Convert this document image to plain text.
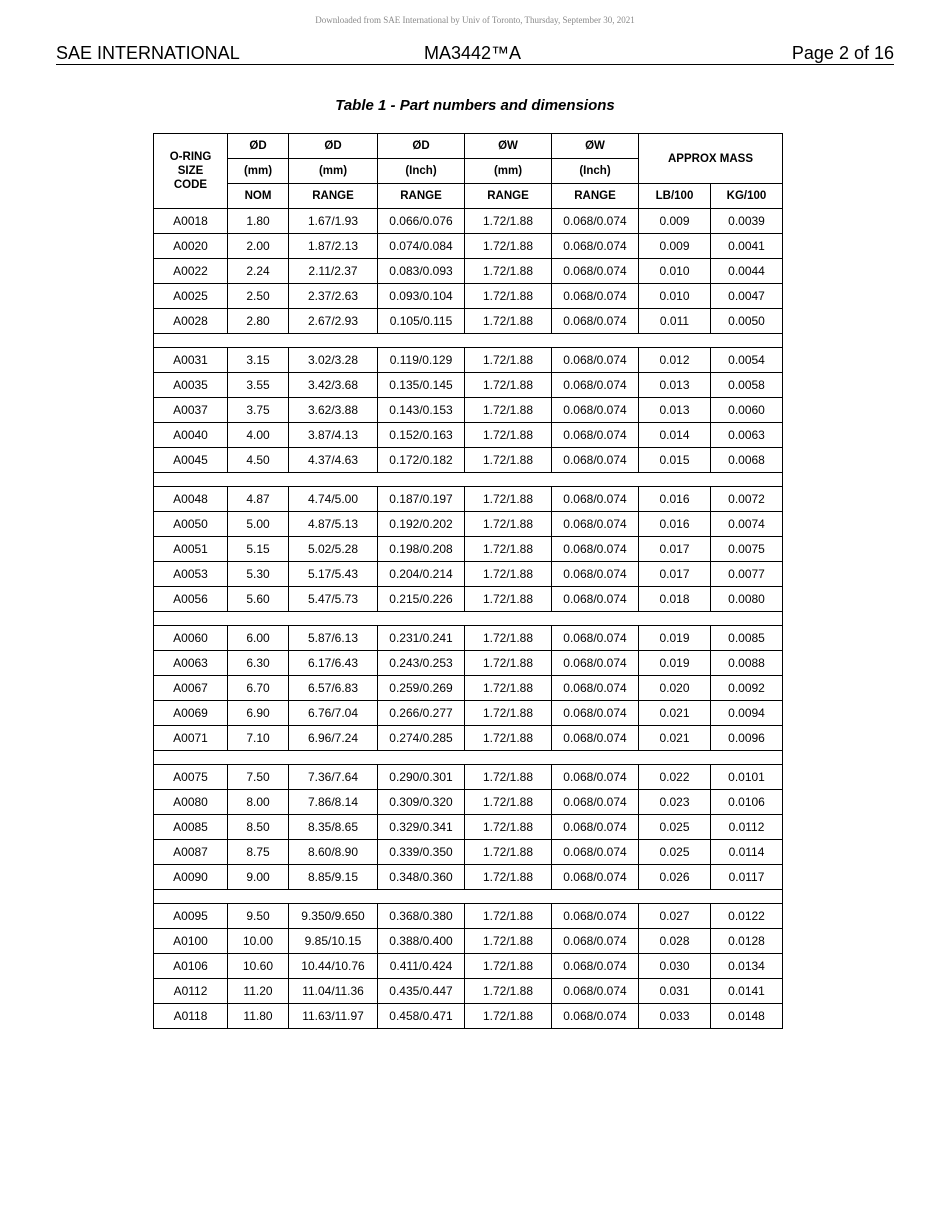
Downloaded from SAE International by Univ of Toronto, Thursday, September 30, 2021
SAE INTERNATIONAL	MA3442™A	Page 2 of 16
Table 1 - Part numbers and dimensions
O-RING SIZE CODE	ØD	ØD	ØD	ØW	ØW	APPROX MASS	
	(mm)	(mm)	(Inch)	(mm)	(Inch)		
	NOM	RANGE	RANGE	RANGE	RANGE	LB/100	KG/100
A0018	1.80	1.67/1.93	0.066/0.076	1.72/1.88	0.068/0.074	0.009	0.0039
A0020	2.00	1.87/2.13	0.074/0.084	1.72/1.88	0.068/0.074	0.009	0.0041
A0022	2.24	2.11/2.37	0.083/0.093	1.72/1.88	0.068/0.074	0.010	0.0044
A0025	2.50	2.37/2.63	0.093/0.104	1.72/1.88	0.068/0.074	0.010	0.0047
A0028	2.80	2.67/2.93	0.105/0.115	1.72/1.88	0.068/0.074	0.011	0.0050

A0031	3.15	3.02/3.28	0.119/0.129	1.72/1.88	0.068/0.074	0.012	0.0054
A0035	3.55	3.42/3.68	0.135/0.145	1.72/1.88	0.068/0.074	0.013	0.0058
A0037	3.75	3.62/3.88	0.143/0.153	1.72/1.88	0.068/0.074	0.013	0.0060
A0040	4.00	3.87/4.13	0.152/0.163	1.72/1.88	0.068/0.074	0.014	0.0063
A0045	4.50	4.37/4.63	0.172/0.182	1.72/1.88	0.068/0.074	0.015	0.0068

A0048	4.87	4.74/5.00	0.187/0.197	1.72/1.88	0.068/0.074	0.016	0.0072
A0050	5.00	4.87/5.13	0.192/0.202	1.72/1.88	0.068/0.074	0.016	0.0074
A0051	5.15	5.02/5.28	0.198/0.208	1.72/1.88	0.068/0.074	0.017	0.0075
A0053	5.30	5.17/5.43	0.204/0.214	1.72/1.88	0.068/0.074	0.017	0.0077
A0056	5.60	5.47/5.73	0.215/0.226	1.72/1.88	0.068/0.074	0.018	0.0080

A0060	6.00	5.87/6.13	0.231/0.241	1.72/1.88	0.068/0.074	0.019	0.0085
A0063	6.30	6.17/6.43	0.243/0.253	1.72/1.88	0.068/0.074	0.019	0.0088
A0067	6.70	6.57/6.83	0.259/0.269	1.72/1.88	0.068/0.074	0.020	0.0092
A0069	6.90	6.76/7.04	0.266/0.277	1.72/1.88	0.068/0.074	0.021	0.0094
A0071	7.10	6.96/7.24	0.274/0.285	1.72/1.88	0.068/0.074	0.021	0.0096

A0075	7.50	7.36/7.64	0.290/0.301	1.72/1.88	0.068/0.074	0.022	0.0101
A0080	8.00	7.86/8.14	0.309/0.320	1.72/1.88	0.068/0.074	0.023	0.0106
A0085	8.50	8.35/8.65	0.329/0.341	1.72/1.88	0.068/0.074	0.025	0.0112
A0087	8.75	8.60/8.90	0.339/0.350	1.72/1.88	0.068/0.074	0.025	0.0114
A0090	9.00	8.85/9.15	0.348/0.360	1.72/1.88	0.068/0.074	0.026	0.0117

A0095	9.50	9.350/9.650	0.368/0.380	1.72/1.88	0.068/0.074	0.027	0.0122
A0100	10.00	9.85/10.15	0.388/0.400	1.72/1.88	0.068/0.074	0.028	0.0128
A0106	10.60	10.44/10.76	0.411/0.424	1.72/1.88	0.068/0.074	0.030	0.0134
A0112	11.20	11.04/11.36	0.435/0.447	1.72/1.88	0.068/0.074	0.031	0.0141
A0118	11.80	11.63/11.97	0.458/0.471	1.72/1.88	0.068/0.074	0.033	0.0148
